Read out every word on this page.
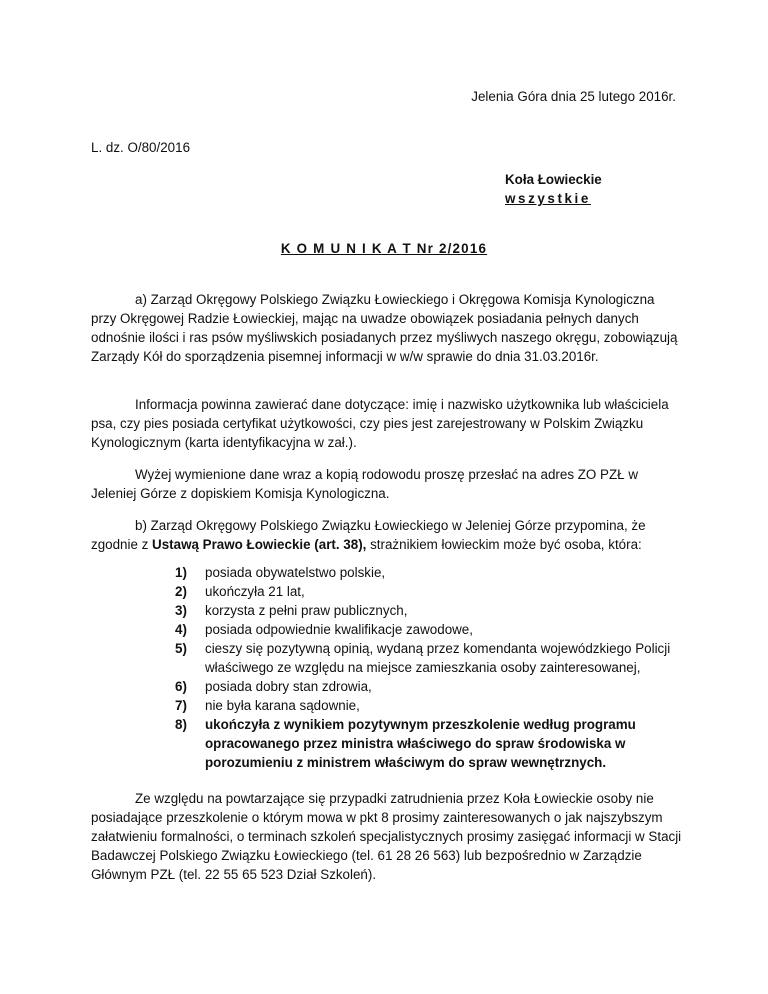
Jelenia Góra dnia 25 lutego 2016r.
L. dz. O/80/2016
Koła Łowieckie
wszystkie
K O M U N I K A T Nr 2/2016

a) Zarząd Okręgowy Polskiego Związku Łowieckiego i Okręgowa Komisja Kynologiczna przy Okręgowej Radzie Łowieckiej, mając na uwadze obowiązek posiadania pełnych danych odnośnie ilości i ras psów myśliwskich posiadanych przez myśliwych naszego okręgu, zobowiązują Zarządy Kół do sporządzenia pisemnej informacji w w/w sprawie do dnia 31.03.2016r.

Informacja powinna zawierać dane dotyczące: imię i nazwisko użytkownika lub właściciela psa, czy pies posiada certyfikat użytkowości, czy pies jest zarejestrowany w Polskim Związku Kynologicznym (karta identyfikacyjna w zał.).

Wyżej wymienione dane wraz a kopią rodowodu proszę przesłać na adres ZO PZŁ w Jeleniej Górze z dopiskiem Komisja Kynologiczna.

b) Zarząd Okręgowy Polskiego Związku Łowieckiego w Jeleniej Górze przypomina, że zgodnie z Ustawą Prawo Łowieckie (art. 38), strażnikiem łowieckim może być osoba, która:

1) posiada obywatelstwo polskie,
2) ukończyła 21 lat,
3) korzysta z pełni praw publicznych,
4) posiada odpowiednie kwalifikacje zawodowe,
5) cieszy się pozytywną opinią, wydaną przez komendanta wojewódzkiego Policji właściwego ze względu na miejsce zamieszkania osoby zainteresowanej,
6) posiada dobry stan zdrowia,
7) nie była karana sądownie,
8) ukończyła z wynikiem pozytywnym przeszkolenie według programu opracowanego przez ministra właściwego do spraw środowiska w porozumieniu z ministrem właściwym do spraw wewnętrznych.

Ze względu na powtarzające się przypadki zatrudnienia przez Koła Łowieckie osoby nie posiadające przeszkolenie o którym mowa w pkt 8 prosimy zainteresowanych o jak najszybszym załatwieniu formalności, o terminach szkoleń specjalistycznych prosimy zasięgać informacji w Stacji Badawczej Polskiego Związku Łowieckiego (tel. 61 28 26 563) lub bezpośrednio w Zarządzie Głównym PZŁ (tel. 22 55 65 523 Dział Szkoleń).
